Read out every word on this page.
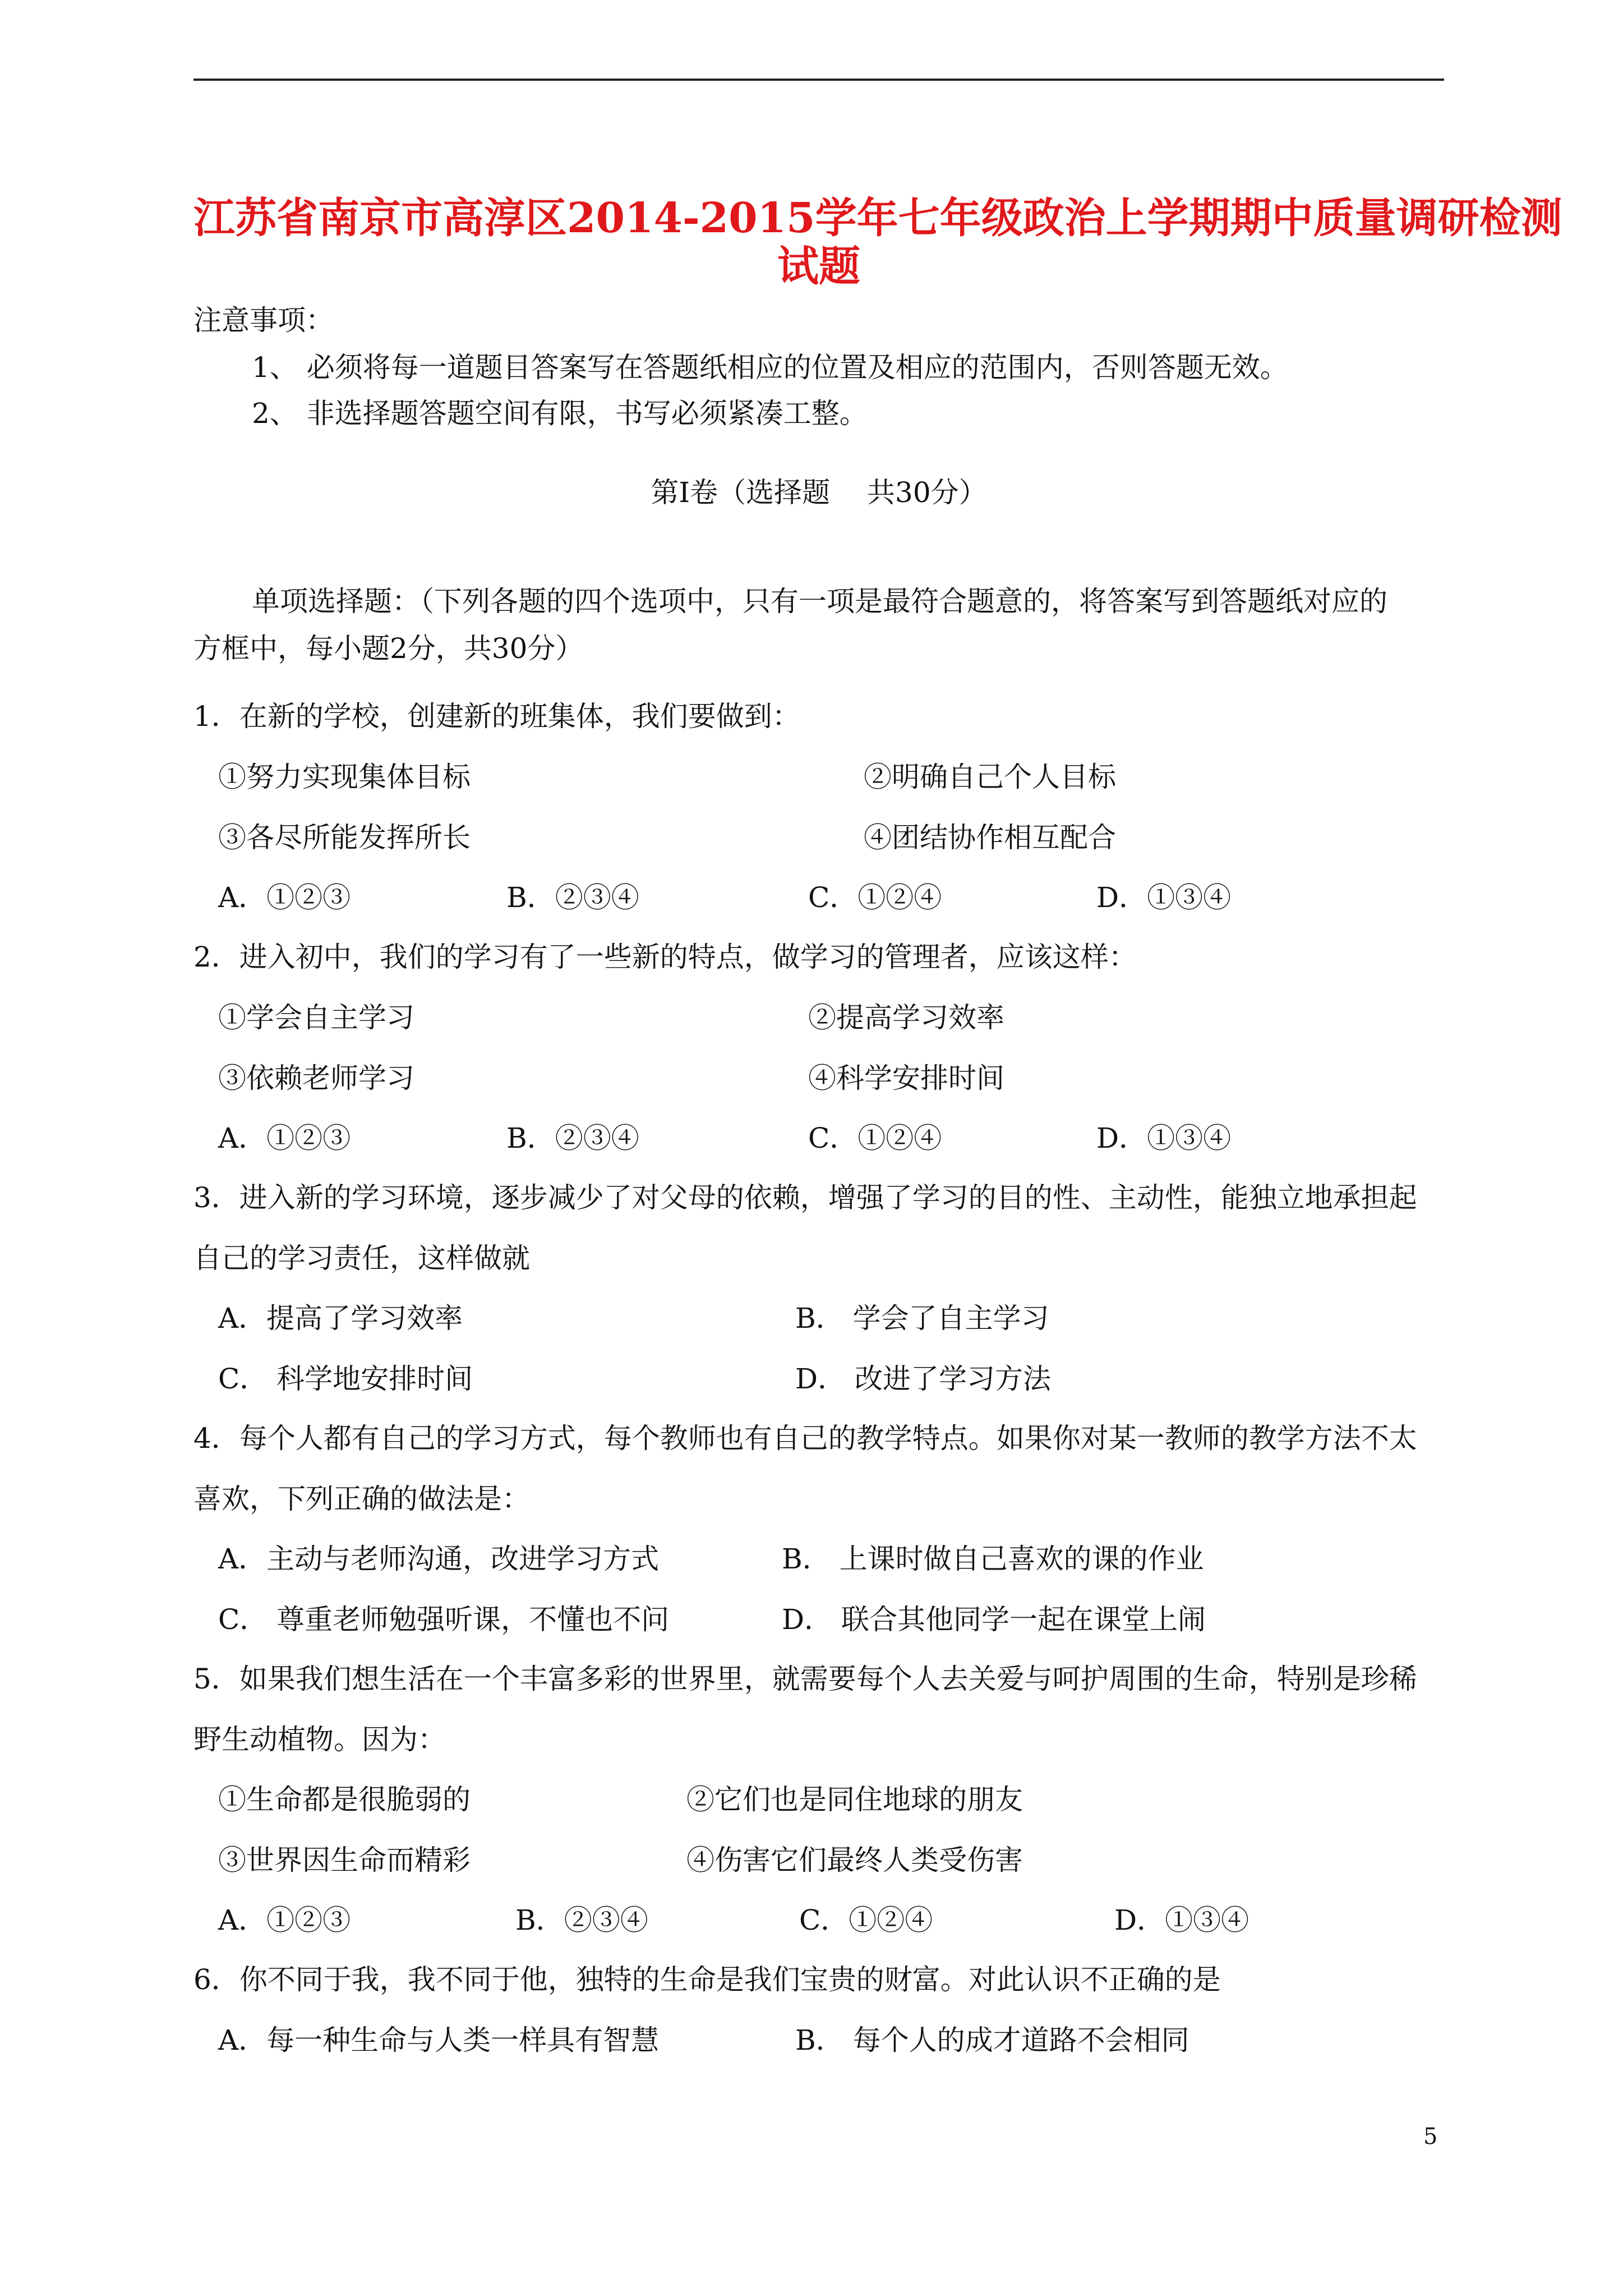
江苏省南京市高淳区2014-2015学年七年级政治上学期期中质量调研检测
试题
注意事项：
1、 必须将每一道题目答案写在答题纸相应的位置及相应的范围内，否则答题无效。
2、 非选择题答题空间有限，书写必须紧凑工整。
第Ⅰ卷（选择题　 共30分）
单项选择题：（下列各题的四个选项中，只有一项是最符合题意的，将答案写到答题纸对应的
方框中，每小题2分，共30分）
1．在新的学校，创建新的班集体，我们要做到：
①努力实现集体目标	②明确自己个人目标
③各尽所能发挥所长	④团结协作相互配合
A．①②③	B．②③④	C．①②④	D．①③④
2．进入初中，我们的学习有了一些新的特点，做学习的管理者，应该这样：
①学会自主学习	②提高学习效率
③依赖老师学习	④科学安排时间
A．①②③	B．②③④	C．①②④	D．①③④
3．进入新的学习环境，逐步减少了对父母的依赖，增强了学习的目的性、主动性，能独立地承担起
自己的学习责任，这样做就
A．提高了学习效率	B． 学会了自主学习
C． 科学地安排时间	D． 改进了学习方法
4．每个人都有自己的学习方式，每个教师也有自己的教学特点。如果你对某一教师的教学方法不太
喜欢，下列正确的做法是：
A．主动与老师沟通，改进学习方式	B． 上课时做自己喜欢的课的作业
C． 尊重老师勉强听课，不懂也不问	D． 联合其他同学一起在课堂上闹
5．如果我们想生活在一个丰富多彩的世界里，就需要每个人去关爱与呵护周围的生命，特别是珍稀
野生动植物。因为：
①生命都是很脆弱的	②它们也是同住地球的朋友
③世界因生命而精彩	④伤害它们最终人类受伤害
A．①②③	B．②③④	C．①②④	D．①③④
6．你不同于我，我不同于他，独特的生命是我们宝贵的财富。对此认识不正确的是
A．每一种生命与人类一样具有智慧	B． 每个人的成才道路不会相同
5
